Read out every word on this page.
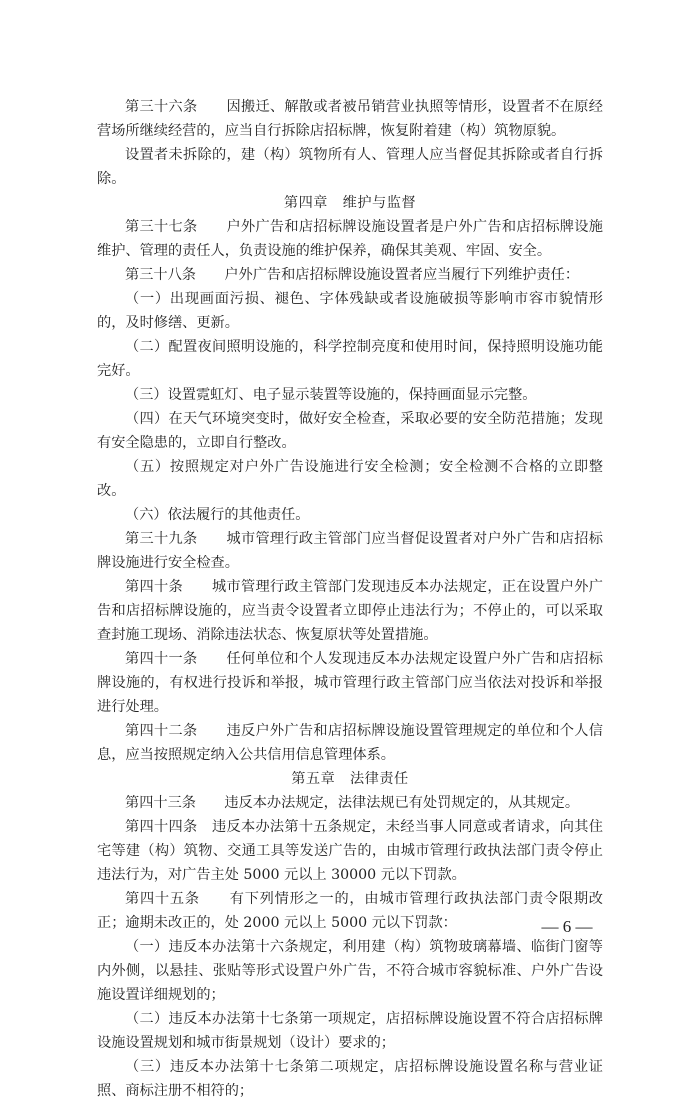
第三十六条　　因搬迁、解散或者被吊销营业执照等情形，设置者不在原经营场所继续经营的，应当自行拆除店招标牌，恢复附着建（构）筑物原貌。

设置者未拆除的，建（构）筑物所有人、管理人应当督促其拆除或者自行拆除。

第四章　维护与监督

第三十七条　　户外广告和店招标牌设施设置者是户外广告和店招标牌设施维护、管理的责任人，负责设施的维护保养，确保其美观、牢固、安全。

第三十八条　　户外广告和店招标牌设施设置者应当履行下列维护责任：

（一）出现画面污损、褪色、字体残缺或者设施破损等影响市容市貌情形的，及时修缮、更新。

（二）配置夜间照明设施的，科学控制亮度和使用时间，保持照明设施功能完好。

（三）设置霓虹灯、电子显示装置等设施的，保持画面显示完整。

（四）在天气环境突变时，做好安全检查，采取必要的安全防范措施；发现有安全隐患的，立即自行整改。

（五）按照规定对户外广告设施进行安全检测；安全检测不合格的立即整改。

（六）依法履行的其他责任。

第三十九条　　城市管理行政主管部门应当督促设置者对户外广告和店招标牌设施进行安全检查。

第四十条　　城市管理行政主管部门发现违反本办法规定，正在设置户外广告和店招标牌设施的，应当责令设置者立即停止违法行为；不停止的，可以采取查封施工现场、消除违法状态、恢复原状等处置措施。

第四十一条　　任何单位和个人发现违反本办法规定设置户外广告和店招标牌设施的，有权进行投诉和举报，城市管理行政主管部门应当依法对投诉和举报进行处理。

第四十二条　　违反户外广告和店招标牌设施设置管理规定的单位和个人信息，应当按照规定纳入公共信用信息管理体系。

第五章　法律责任

第四十三条　　违反本办法规定，法律法规已有处罚规定的，从其规定。

第四十四条　违反本办法第十五条规定，未经当事人同意或者请求，向其住宅等建（构）筑物、交通工具等发送广告的，由城市管理行政执法部门责令停止违法行为，对广告主处 5000 元以上 30000 元以下罚款。

第四十五条　　有下列情形之一的，由城市管理行政执法部门责令限期改正；逾期未改正的，处 2000 元以上 5000 元以下罚款：

（一）违反本办法第十六条规定，利用建（构）筑物玻璃幕墙、临街门窗等内外侧，以悬挂、张贴等形式设置户外广告，不符合城市容貌标准、户外广告设施设置详细规划的；

（二）违反本办法第十七条第一项规定，店招标牌设施设置不符合店招标牌设施设置规划和城市街景规划（设计）要求的；

（三）违反本办法第十七条第二项规定，店招标牌设施设置名称与营业证照、商标注册不相符的；

— 6 —
